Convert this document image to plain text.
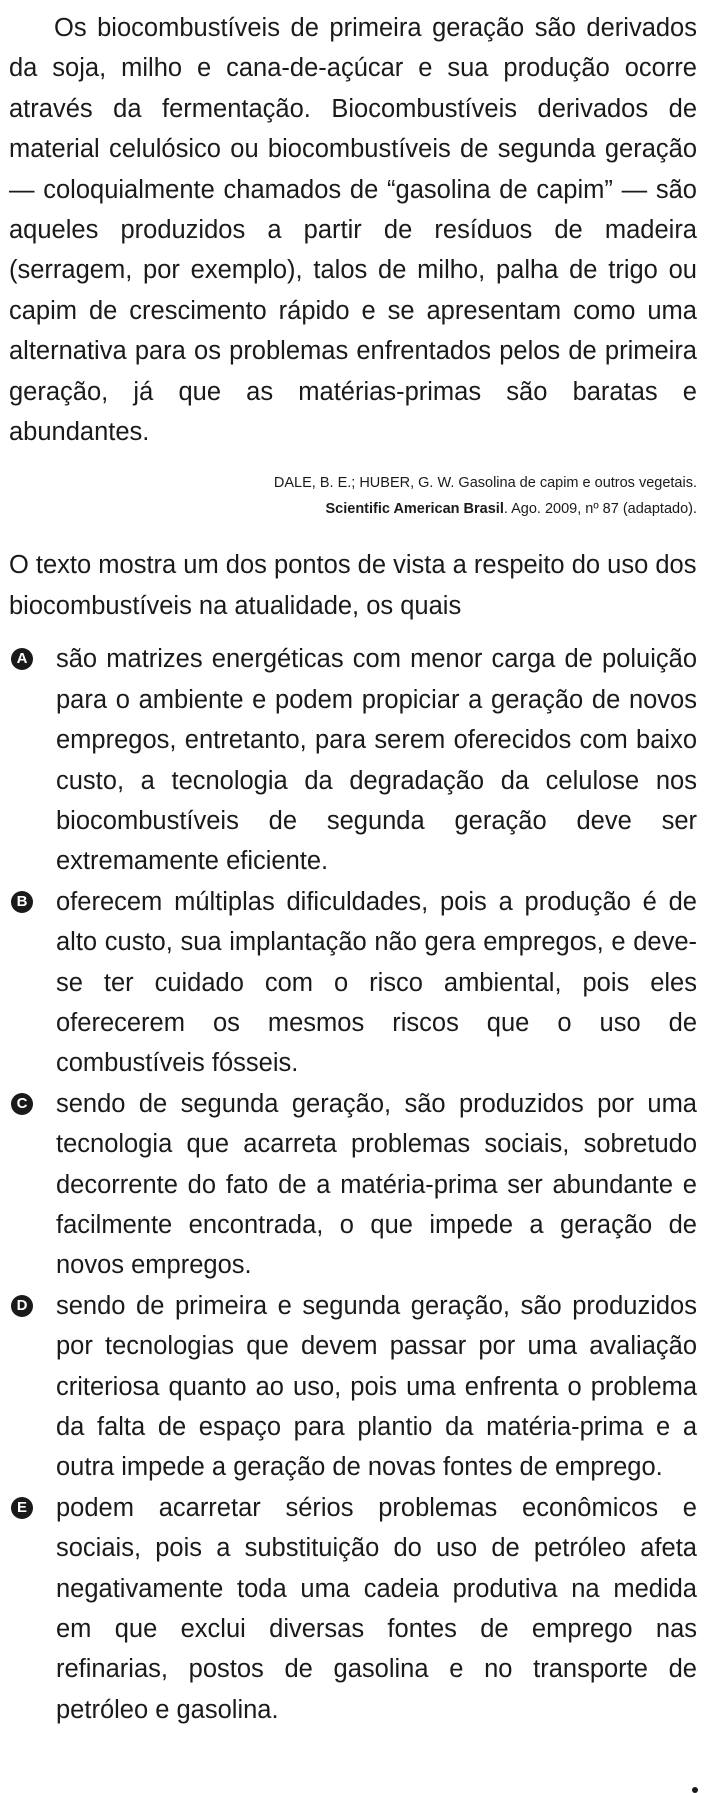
Os biocombustíveis de primeira geração são derivados da soja, milho e cana-de-açúcar e sua produção ocorre através da fermentação. Biocombustíveis derivados de material celulósico ou biocombustíveis de segunda geração — coloquialmente chamados de “gasolina de capim” — são aqueles produzidos a partir de resíduos de madeira (serragem, por exemplo), talos de milho, palha de trigo ou capim de crescimento rápido e se apresentam como uma alternativa para os problemas enfrentados pelos de primeira geração, já que as matérias-primas são baratas e abundantes.

DALE, B. E.; HUBER, G. W. Gasolina de capim e outros vegetais.
Scientific American Brasil. Ago. 2009, nº 87 (adaptado).

O texto mostra um dos pontos de vista a respeito do uso dos biocombustíveis na atualidade, os quais

A são matrizes energéticas com menor carga de poluição para o ambiente e podem propiciar a geração de novos empregos, entretanto, para serem oferecidos com baixo custo, a tecnologia da degradação da celulose nos biocombustíveis de segunda geração deve ser extremamente eficiente.
B oferecem múltiplas dificuldades, pois a produção é de alto custo, sua implantação não gera empregos, e deve-se ter cuidado com o risco ambiental, pois eles oferecerem os mesmos riscos que o uso de combustíveis fósseis.
C sendo de segunda geração, são produzidos por uma tecnologia que acarreta problemas sociais, sobretudo decorrente do fato de a matéria-prima ser abundante e facilmente encontrada, o que impede a geração de novos empregos.
D sendo de primeira e segunda geração, são produzidos por tecnologias que devem passar por uma avaliação criteriosa quanto ao uso, pois uma enfrenta o problema da falta de espaço para plantio da matéria-prima e a outra impede a geração de novas fontes de emprego.
E podem acarretar sérios problemas econômicos e sociais, pois a substituição do uso de petróleo afeta negativamente toda uma cadeia produtiva na medida em que exclui diversas fontes de emprego nas refinarias, postos de gasolina e no transporte de petróleo e gasolina.
